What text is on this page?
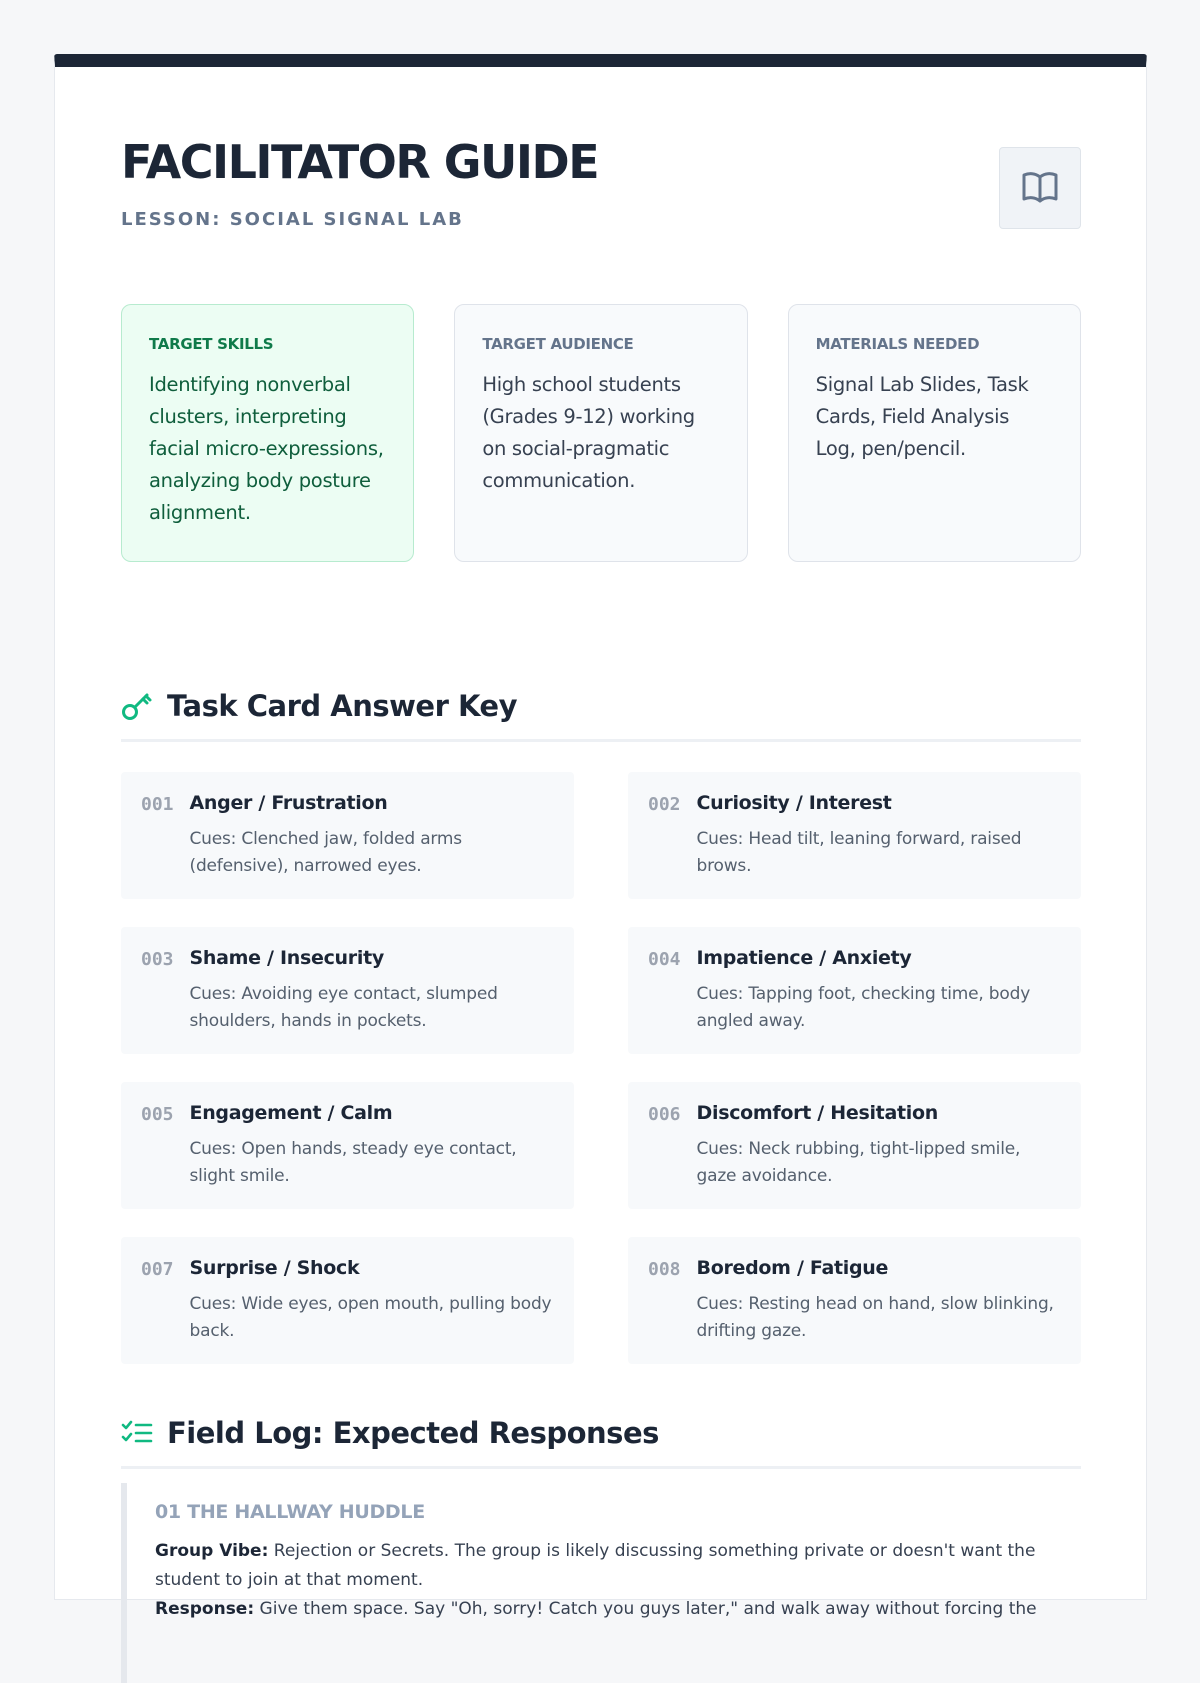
FACILITATOR GUIDE
LESSON: SOCIAL SIGNAL LAB
TARGET SKILLS
Identifying nonverbal clusters, interpreting facial micro-expressions, analyzing body posture alignment.
TARGET AUDIENCE
High school students (Grades 9-12) working on social-pragmatic communication.
MATERIALS NEEDED
Signal Lab Slides, Task Cards, Field Analysis Log, pen/pencil.
Task Card Answer Key
001 Anger / Frustration
Cues: Clenched jaw, folded arms (defensive), narrowed eyes.
002 Curiosity / Interest
Cues: Head tilt, leaning forward, raised brows.
003 Shame / Insecurity
Cues: Avoiding eye contact, slumped shoulders, hands in pockets.
004 Impatience / Anxiety
Cues: Tapping foot, checking time, body angled away.
005 Engagement / Calm
Cues: Open hands, steady eye contact, slight smile.
006 Discomfort / Hesitation
Cues: Neck rubbing, tight-lipped smile, gaze avoidance.
007 Surprise / Shock
Cues: Wide eyes, open mouth, pulling body back.
008 Boredom / Fatigue
Cues: Resting head on hand, slow blinking, drifting gaze.
Field Log: Expected Responses
01 THE HALLWAY HUDDLE
Group Vibe: Rejection or Secrets. The group is likely discussing something private or doesn't want the student to join at that moment.
Response: Give them space. Say "Oh, sorry! Catch you guys later," and walk away without forcing the
